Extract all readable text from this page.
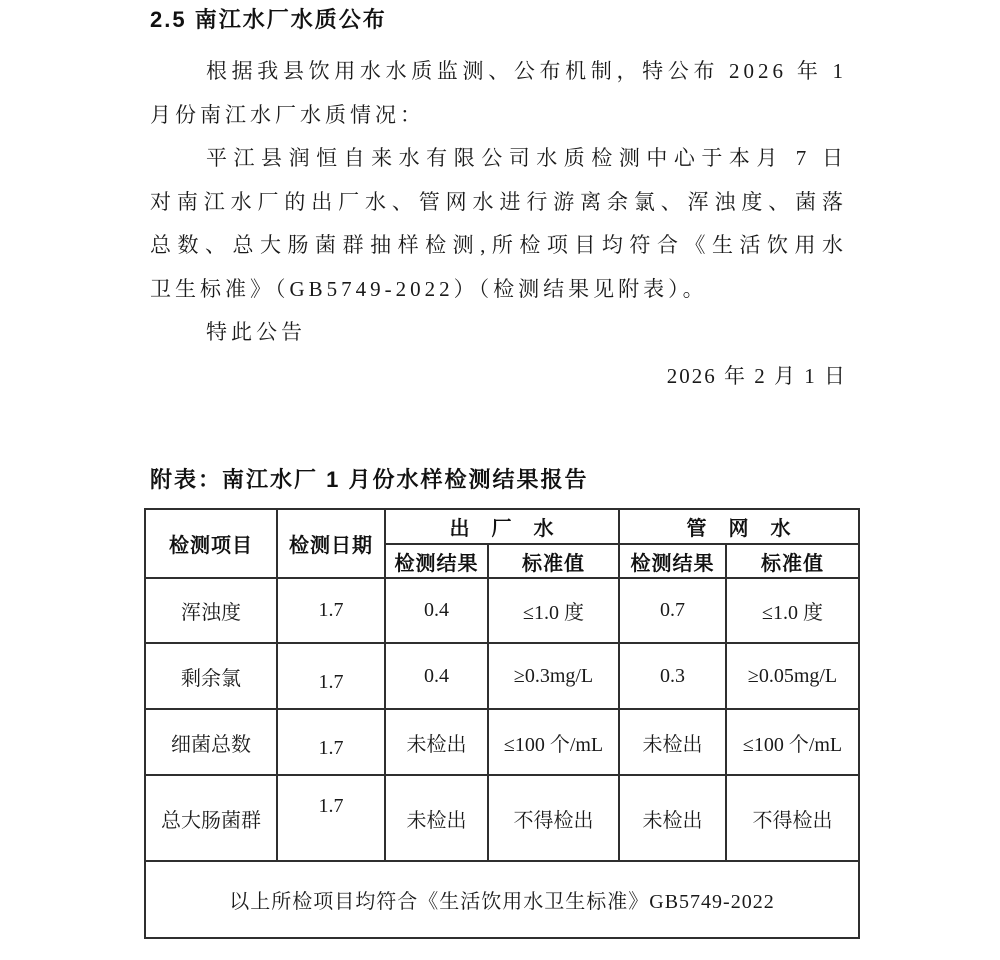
2.5 南江水厂水质公布
根据我县饮用水水质监测、公布机制，特公布 2026 年 1
月份南江水厂水质情况：
平江县润恒自来水有限公司水质检测中心于本月 7 日
对南江水厂的出厂水、管网水进行游离余氯、浑浊度、菌落
总数、总大肠菌群抽样检测,所检项目均符合《生活饮用水
卫生标准》（GB5749-2022）（检测结果见附表）。
特此公告
2026 年 2 月 1 日
附表：南江水厂 1 月份水样检测结果报告
检测项目	检测日期	出　厂　水		管　网　水	
		检测结果	标准值	检测结果	标准值
浑浊度	1.7	0.4	≤1.0 度	0.7	≤1.0 度
剩余氯	1.7	0.4	≥0.3mg/L	0.3	≥0.05mg/L
细菌总数	1.7	未检出	≤100 个/mL	未检出	≤100 个/mL
总大肠菌群	1.7	未检出	不得检出	未检出	不得检出
以上所检项目均符合《生活饮用水卫生标准》GB5749-2022					
